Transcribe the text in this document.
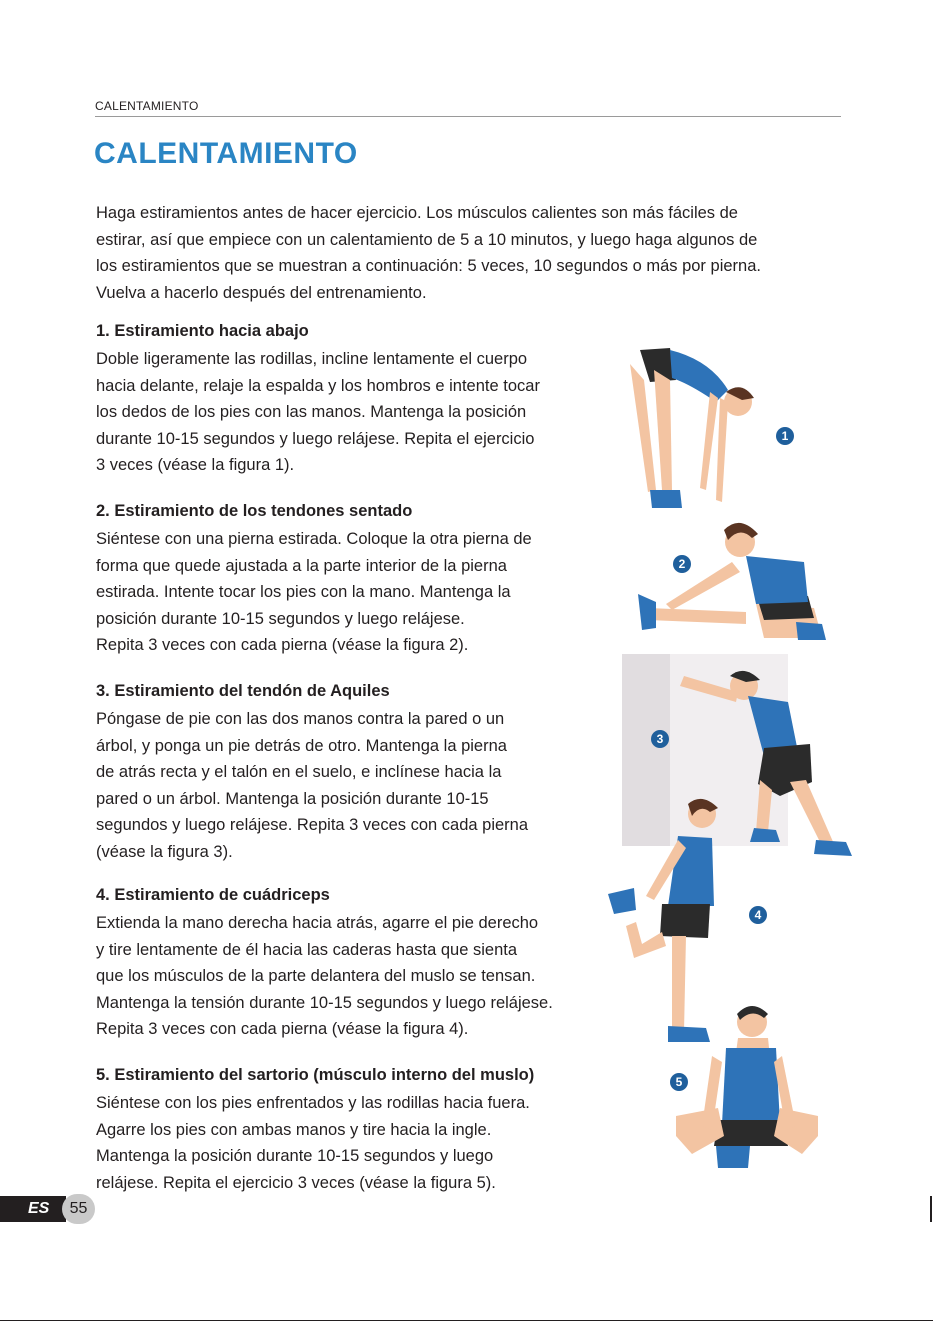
CALENTAMIENTO
CALENTAMIENTO

Haga estiramientos antes de hacer ejercicio. Los músculos calientes son más fáciles de
estirar, así que empiece con un calentamiento de 5 a 10 minutos, y luego haga algunos de
los estiramientos que se muestran a continuación: 5 veces, 10 segundos o más por pierna.
Vuelva a hacerlo después del entrenamiento.

1. Estiramiento hacia abajo

Doble ligeramente las rodillas, incline lentamente el cuerpo
hacia delante, relaje la espalda y los hombros e intente tocar
los dedos de los pies con las manos. Mantenga la posición
durante 10-15 segundos y luego relájese. Repita el ejercicio
3 veces (véase la figura 1).

2. Estiramiento de los tendones sentado

Siéntese con una pierna estirada. Coloque la otra pierna de
forma que quede ajustada a la parte interior de la pierna
estirada. Intente tocar los pies con la mano. Mantenga la
posición durante 10-15 segundos y luego relájese.
Repita 3 veces con cada pierna (véase la figura 2).

3. Estiramiento del tendón de Aquiles

Póngase de pie con las dos manos contra la pared o un
árbol, y ponga un pie detrás de otro. Mantenga la pierna
de atrás recta y el talón en el suelo, e inclínese hacia la
pared o un árbol. Mantenga la posición durante 10-15
segundos y luego relájese. Repita 3 veces con cada pierna
(véase la figura 3).

4. Estiramiento de cuádriceps

Extienda la mano derecha hacia atrás, agarre el pie derecho
y tire lentamente de él hacia las caderas hasta que sienta
que los músculos de la parte delantera del muslo se tensan.
Mantenga la tensión durante 10-15 segundos y luego relájese.
Repita 3 veces con cada pierna (véase la figura 4).

5. Estiramiento del sartorio (músculo interno del muslo)

Siéntese con los pies enfrentados y las rodillas hacia fuera.
Agarre los pies con ambas manos y tire hacia la ingle.
Mantenga la posición durante 10-15 segundos y luego
relájese. Repita el ejercicio 3 veces (véase la figura 5).

1
2
3
4
5
ES	55
